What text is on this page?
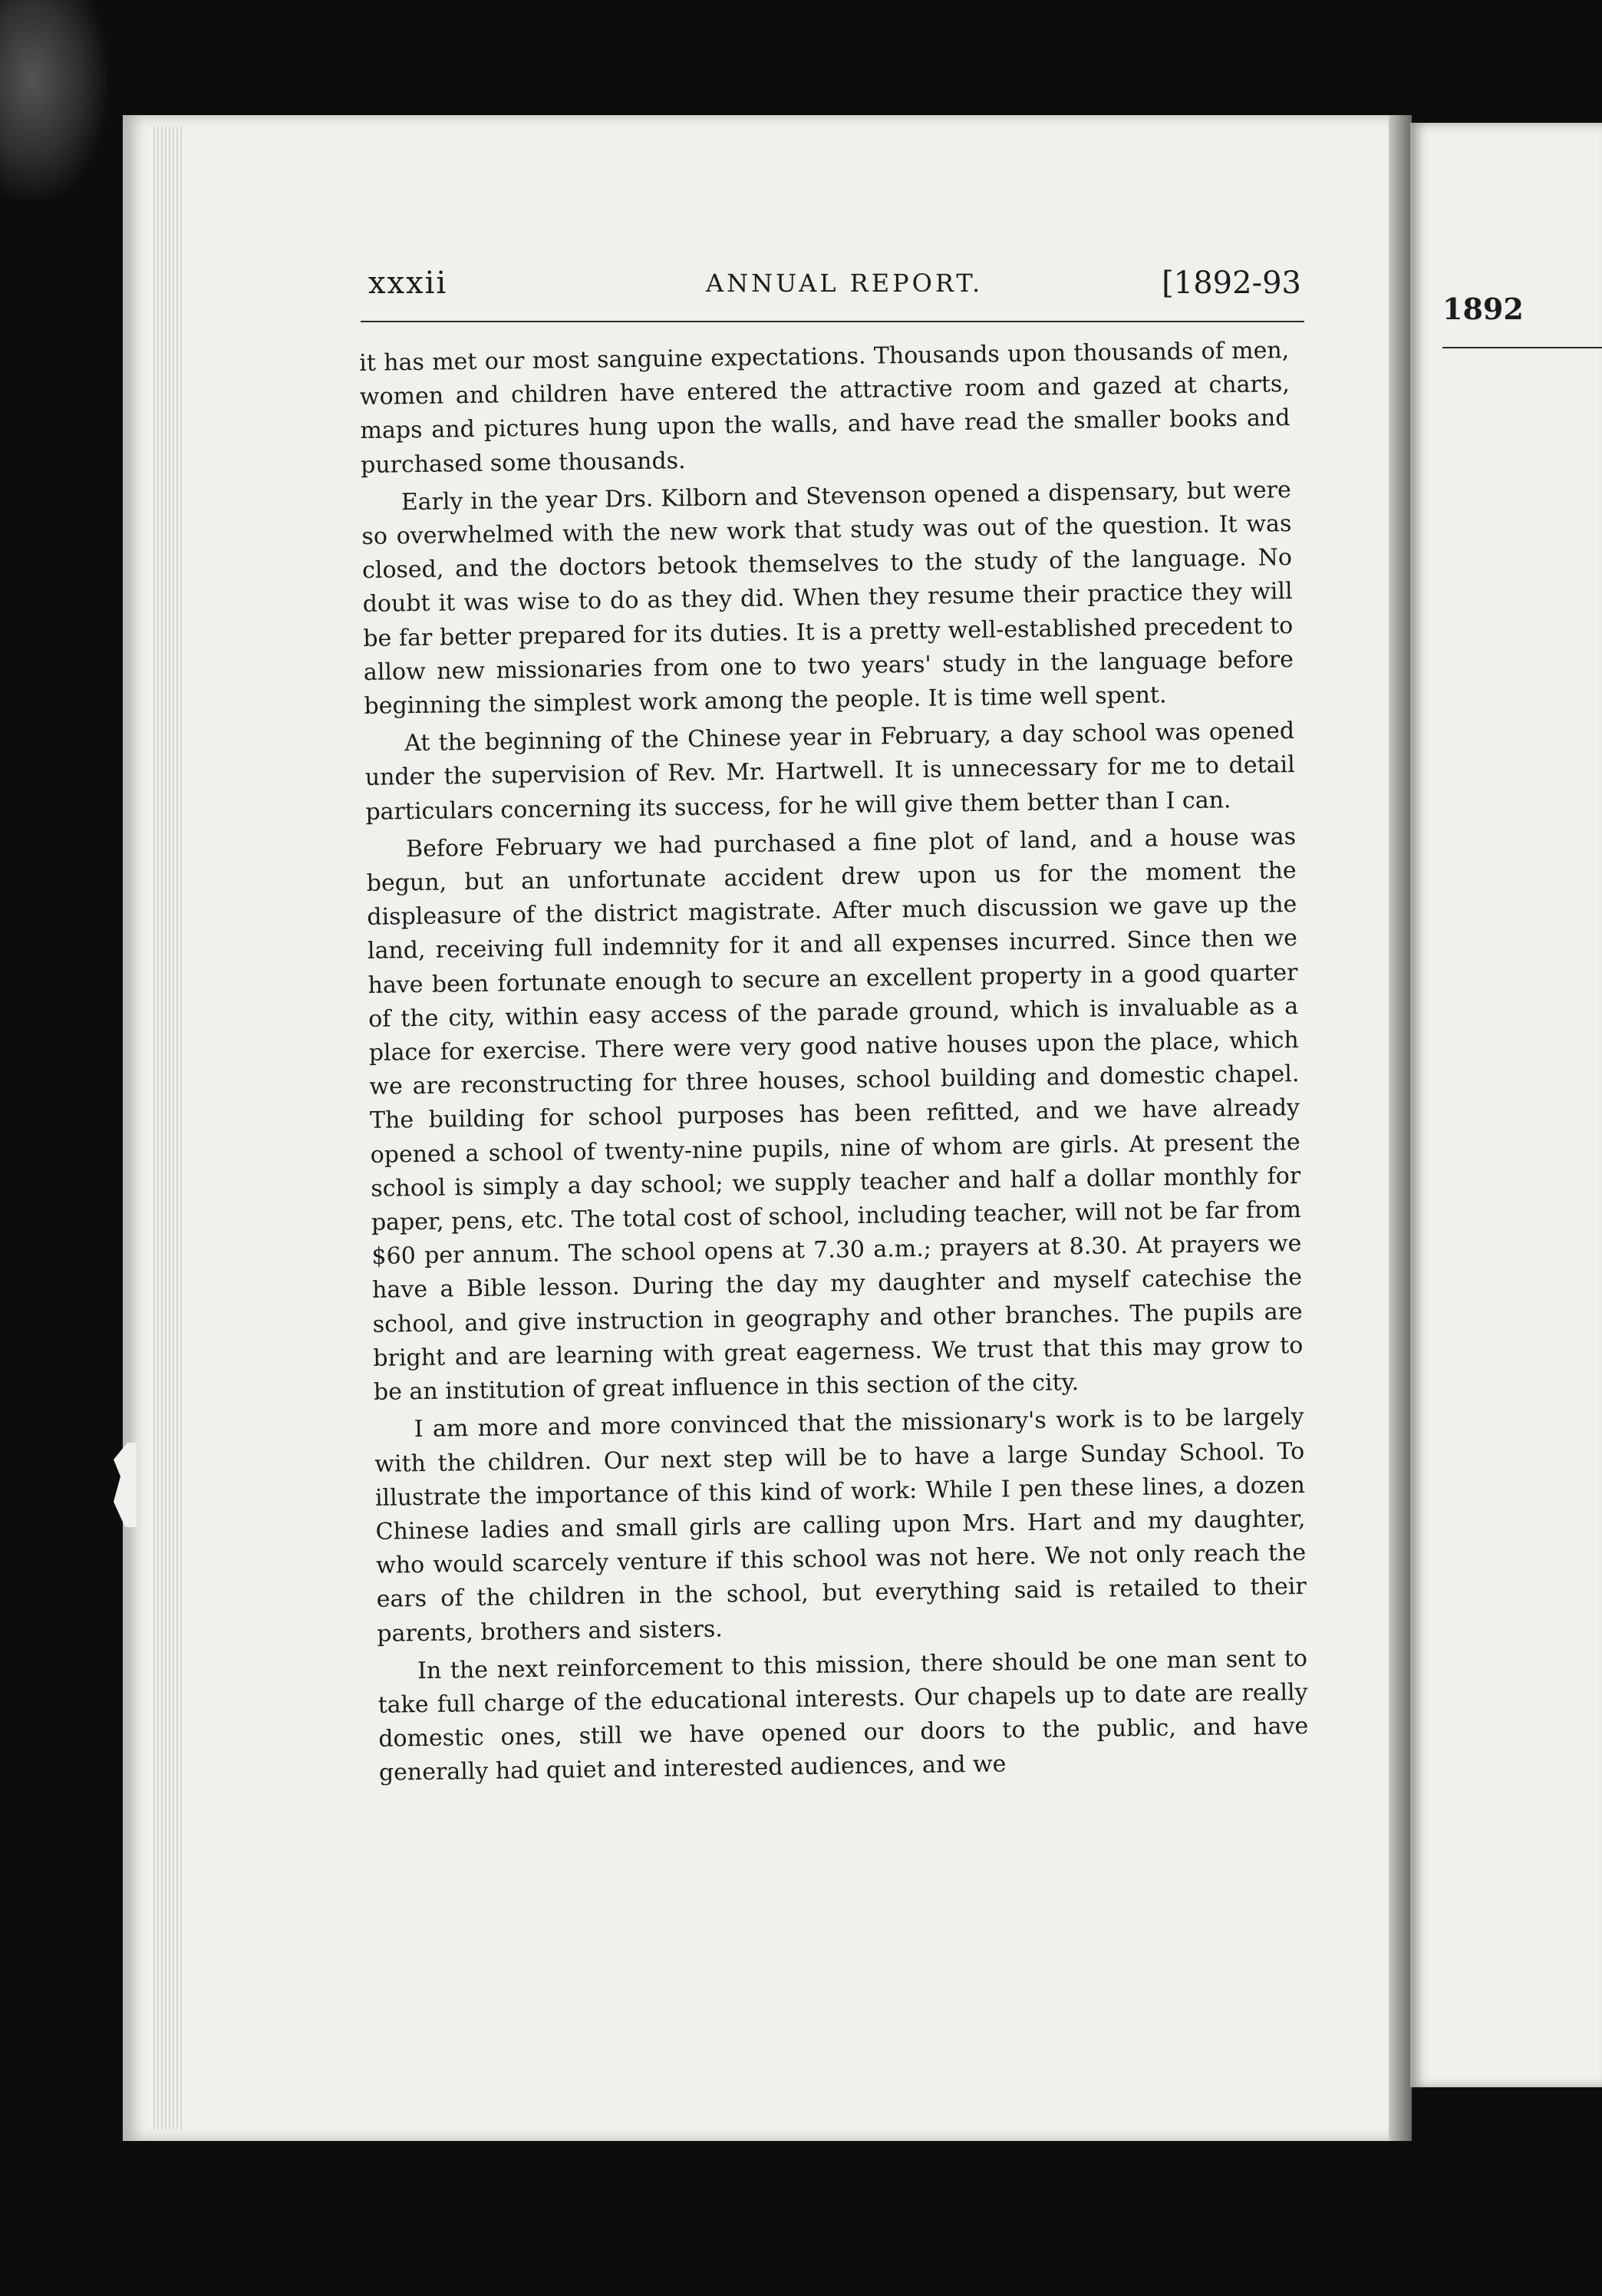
xxxii	ANNUAL REPORT.	[1892-93

it has met our most sanguine expectations. Thousands upon thousands of men, women and children have entered the attractive room and gazed at charts, maps and pictures hung upon the walls, and have read the smaller books and purchased some thousands.

Early in the year Drs. Kilborn and Stevenson opened a dispensary, but were so overwhelmed with the new work that study was out of the question. It was closed, and the doctors betook themselves to the study of the language. No doubt it was wise to do as they did. When they resume their practice they will be far better prepared for its duties. It is a pretty well-established precedent to allow new missionaries from one to two years' study in the language before beginning the simplest work among the people. It is time well spent.

At the beginning of the Chinese year in February, a day school was opened under the supervision of Rev. Mr. Hartwell. It is unnecessary for me to detail particulars concerning its success, for he will give them better than I can.

Before February we had purchased a fine plot of land, and a house was begun, but an unfortunate accident drew upon us for the moment the displeasure of the district magistrate. After much discussion we gave up the land, receiving full indemnity for it and all expenses incurred. Since then we have been fortunate enough to secure an excellent property in a good quarter of the city, within easy access of the parade ground, which is invaluable as a place for exercise. There were very good native houses upon the place, which we are reconstructing for three houses, school building and domestic chapel. The building for school purposes has been refitted, and we have already opened a school of twenty-nine pupils, nine of whom are girls. At present the school is simply a day school; we supply teacher and half a dollar monthly for paper, pens, etc. The total cost of school, including teacher, will not be far from $60 per annum. The school opens at 7.30 a.m.; prayers at 8.30. At prayers we have a Bible lesson. During the day my daughter and myself catechise the school, and give instruction in geography and other branches. The pupils are bright and are learning with great eagerness. We trust that this may grow to be an institution of great influence in this section of the city.

I am more and more convinced that the missionary's work is to be largely with the children. Our next step will be to have a large Sunday School. To illustrate the importance of this kind of work: While I pen these lines, a dozen Chinese ladies and small girls are calling upon Mrs. Hart and my daughter, who would scarcely venture if this school was not here. We not only reach the ears of the children in the school, but everything said is retailed to their parents, brothers and sisters.

In the next reinforcement to this mission, there should be one man sent to take full charge of the educational interests. Our chapels up to date are really domestic ones, still we have opened our doors to the public, and have generally had quiet and interested audiences, and we

1892
